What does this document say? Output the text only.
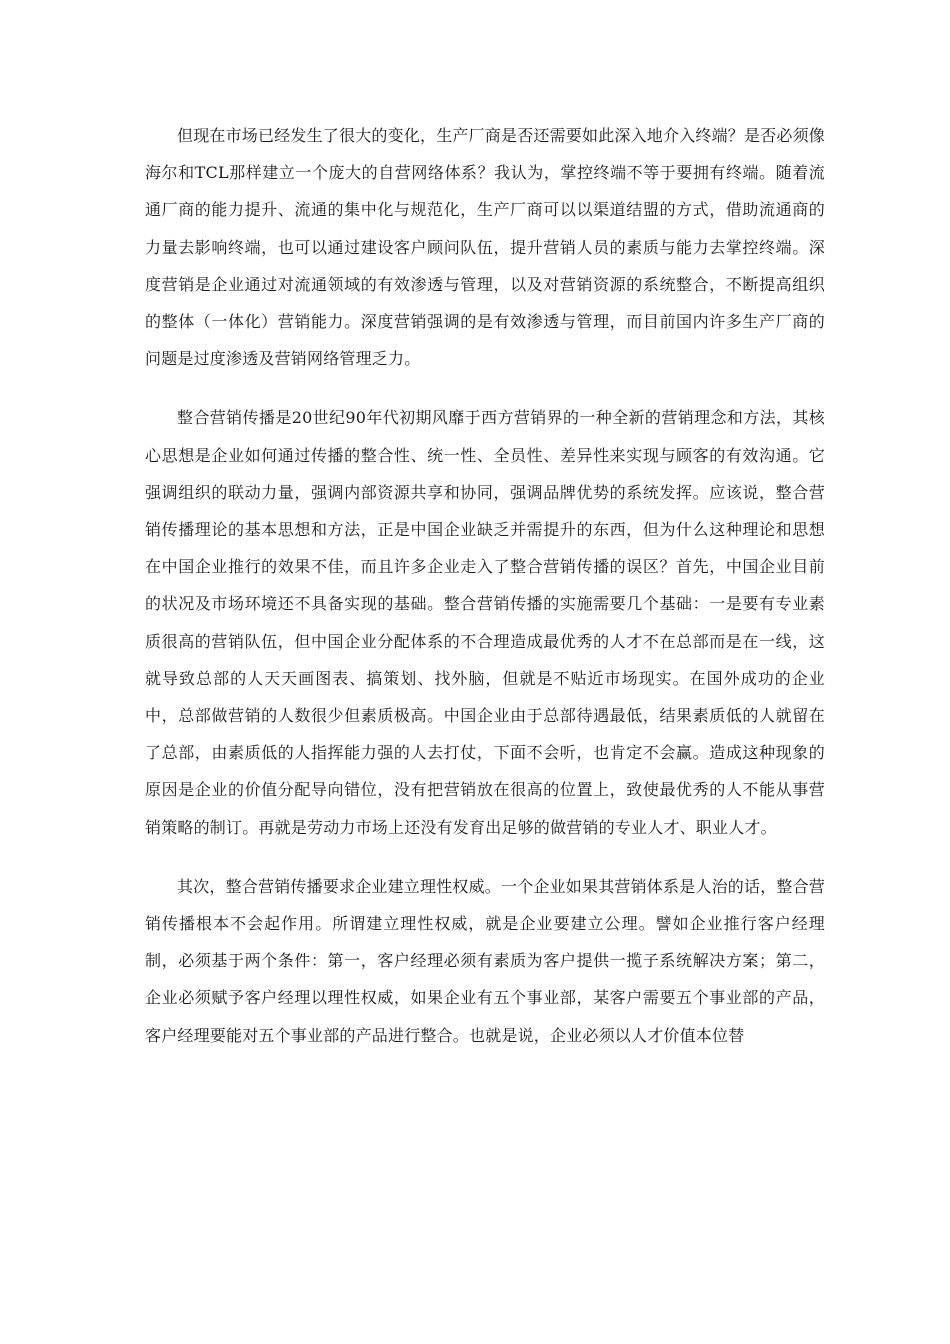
但现在市场已经发生了很大的变化，生产厂商是否还需要如此深入地介入终端？是否必须像海尔和TCL那样建立一个庞大的自营网络体系？我认为，掌控终端不等于要拥有终端。随着流通厂商的能力提升、流通的集中化与规范化，生产厂商可以以渠道结盟的方式，借助流通商的力量去影响终端，也可以通过建设客户顾问队伍，提升营销人员的素质与能力去掌控终端。深度营销是企业通过对流通领域的有效渗透与管理，以及对营销资源的系统整合，不断提高组织的整体（一体化）营销能力。深度营销强调的是有效渗透与管理，而目前国内许多生产厂商的问题是过度渗透及营销网络管理乏力。

整合营销传播是20世纪90年代初期风靡于西方营销界的一种全新的营销理念和方法，其核心思想是企业如何通过传播的整合性、统一性、全员性、差异性来实现与顾客的有效沟通。它强调组织的联动力量，强调内部资源共享和协同，强调品牌优势的系统发挥。应该说，整合营销传播理论的基本思想和方法，正是中国企业缺乏并需提升的东西，但为什么这种理论和思想在中国企业推行的效果不佳，而且许多企业走入了整合营销传播的误区？首先，中国企业目前的状况及市场环境还不具备实现的基础。整合营销传播的实施需要几个基础：一是要有专业素质很高的营销队伍，但中国企业分配体系的不合理造成最优秀的人才不在总部而是在一线，这就导致总部的人天天画图表、搞策划、找外脑，但就是不贴近市场现实。在国外成功的企业中，总部做营销的人数很少但素质极高。中国企业由于总部待遇最低，结果素质低的人就留在了总部，由素质低的人指挥能力强的人去打仗，下面不会听，也肯定不会赢。造成这种现象的原因是企业的价值分配导向错位，没有把营销放在很高的位置上，致使最优秀的人不能从事营销策略的制订。再就是劳动力市场上还没有发育出足够的做营销的专业人才、职业人才。

其次，整合营销传播要求企业建立理性权威。一个企业如果其营销体系是人治的话，整合营销传播根本不会起作用。所谓建立理性权威，就是企业要建立公理。譬如企业推行客户经理制，必须基于两个条件：第一，客户经理必须有素质为客户提供一揽子系统解决方案；第二，企业必须赋予客户经理以理性权威，如果企业有五个事业部，某客户需要五个事业部的产品，客户经理要能对五个事业部的产品进行整合。也就是说，企业必须以人才价值本位替
